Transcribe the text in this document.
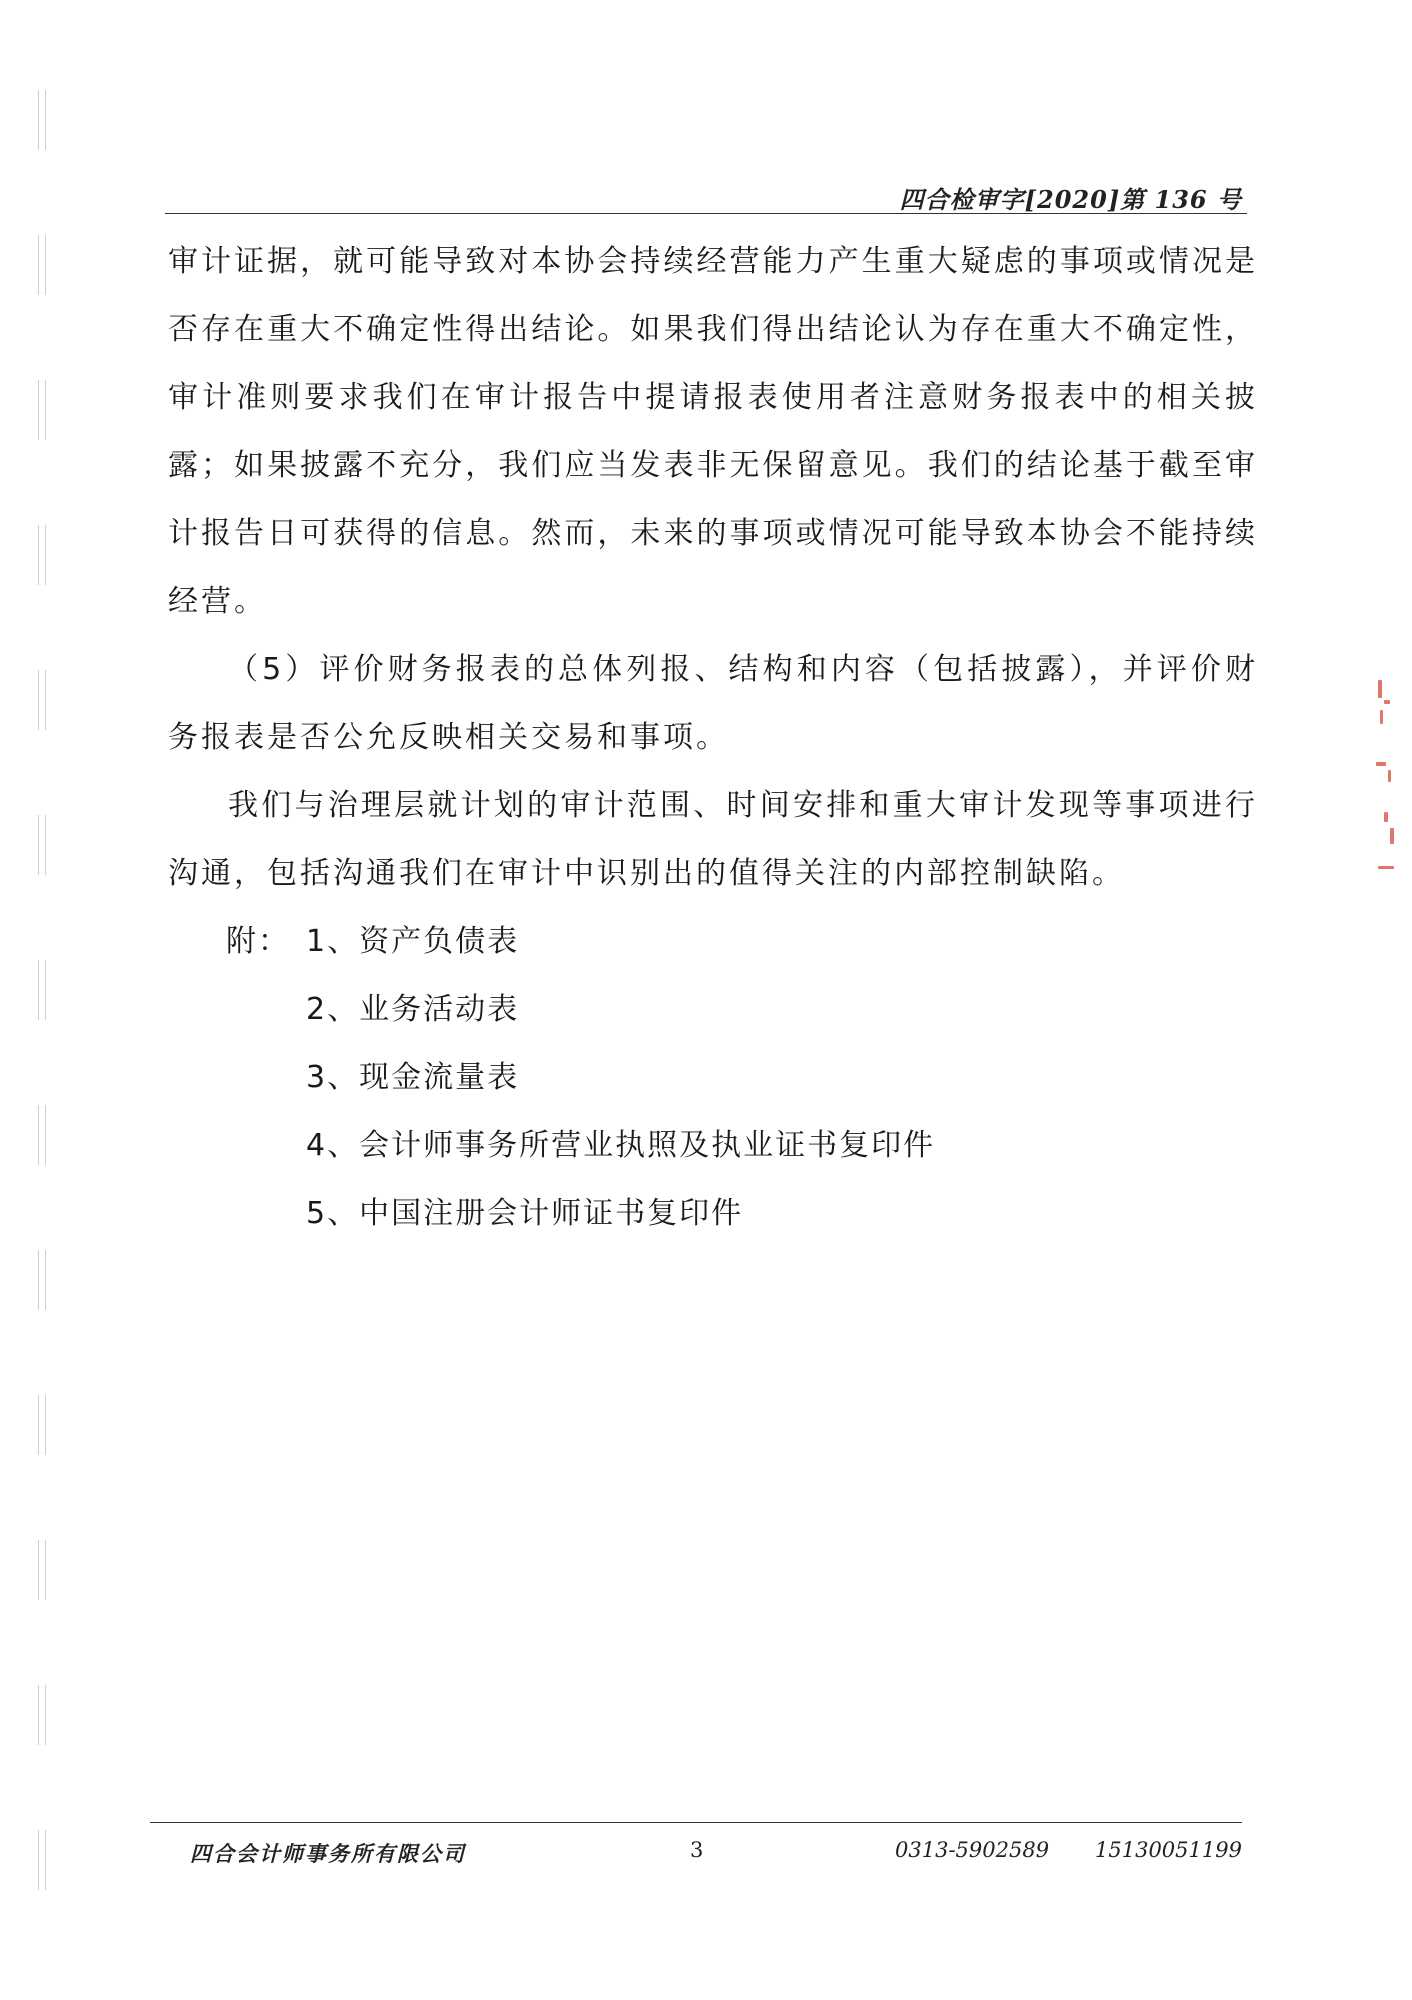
四合检审字[2020]第 136 号

审计证据，就可能导致对本协会持续经营能力产生重大疑虑的事项或情况是否存在重大不确定性得出结论。如果我们得出结论认为存在重大不确定性，审计准则要求我们在审计报告中提请报表使用者注意财务报表中的相关披露；如果披露不充分，我们应当发表非无保留意见。我们的结论基于截至审计报告日可获得的信息。然而，未来的事项或情况可能导致本协会不能持续经营。

（5）评价财务报表的总体列报、结构和内容（包括披露），并评价财务报表是否公允反映相关交易和事项。

我们与治理层就计划的审计范围、时间安排和重大审计发现等事项进行沟通，包括沟通我们在审计中识别出的值得关注的内部控制缺陷。

附： 1、资产负债表
2、业务活动表
3、现金流量表
4、会计师事务所营业执照及执业证书复印件
5、中国注册会计师证书复印件
四合会计师事务所有限公司	3	0313-5902589 15130051199
